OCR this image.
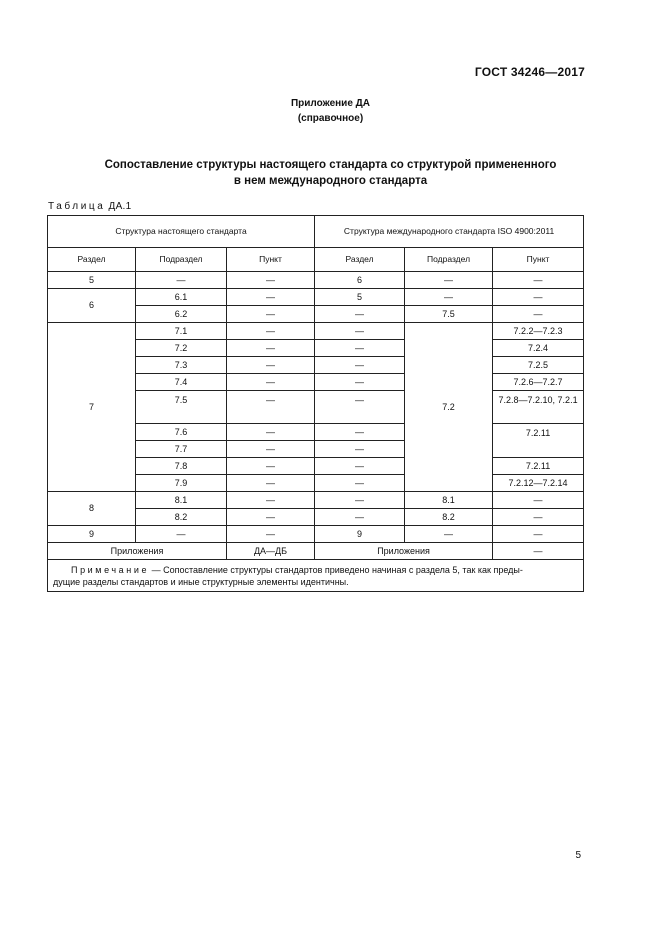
ГОСТ 34246—2017
Приложение ДА
(справочное)
Сопоставление структуры настоящего стандарта со структурой примененного
в нем международного стандарта
Таблица ДА.1
Структура настоящего стандарта			Структура международного стандарта ISO 4900:2011		
Раздел	Подраздел	Пункт	Раздел	Подраздел	Пункт
5	—	—	6	—	—
6	6.1	—	5	—	—
	6.2	—	—	7.5	—
7	7.1	—	—	7.2	7.2.2—7.2.3
	7.2	—	—		7.2.4
	7.3	—	—		7.2.5
	7.4	—	—		7.2.6—7.2.7
	7.5	—	—		7.2.8—7.2.10, 7.2.1
	7.6	—	—		7.2.11
	7.7	—	—		
	7.8	—	—		7.2.11
	7.9	—	—		7.2.12—7.2.14
8	8.1	—	—	8.1	—
	8.2	—	—	8.2	—
9	—	—	9	—	—
Приложения		ДА—ДБ	Приложения		—

Примечание — Сопоставление структуры стандартов приведено начиная с раздела 5, так как преды-
дущие разделы стандартов и иные структурные элементы идентичны.					
5
